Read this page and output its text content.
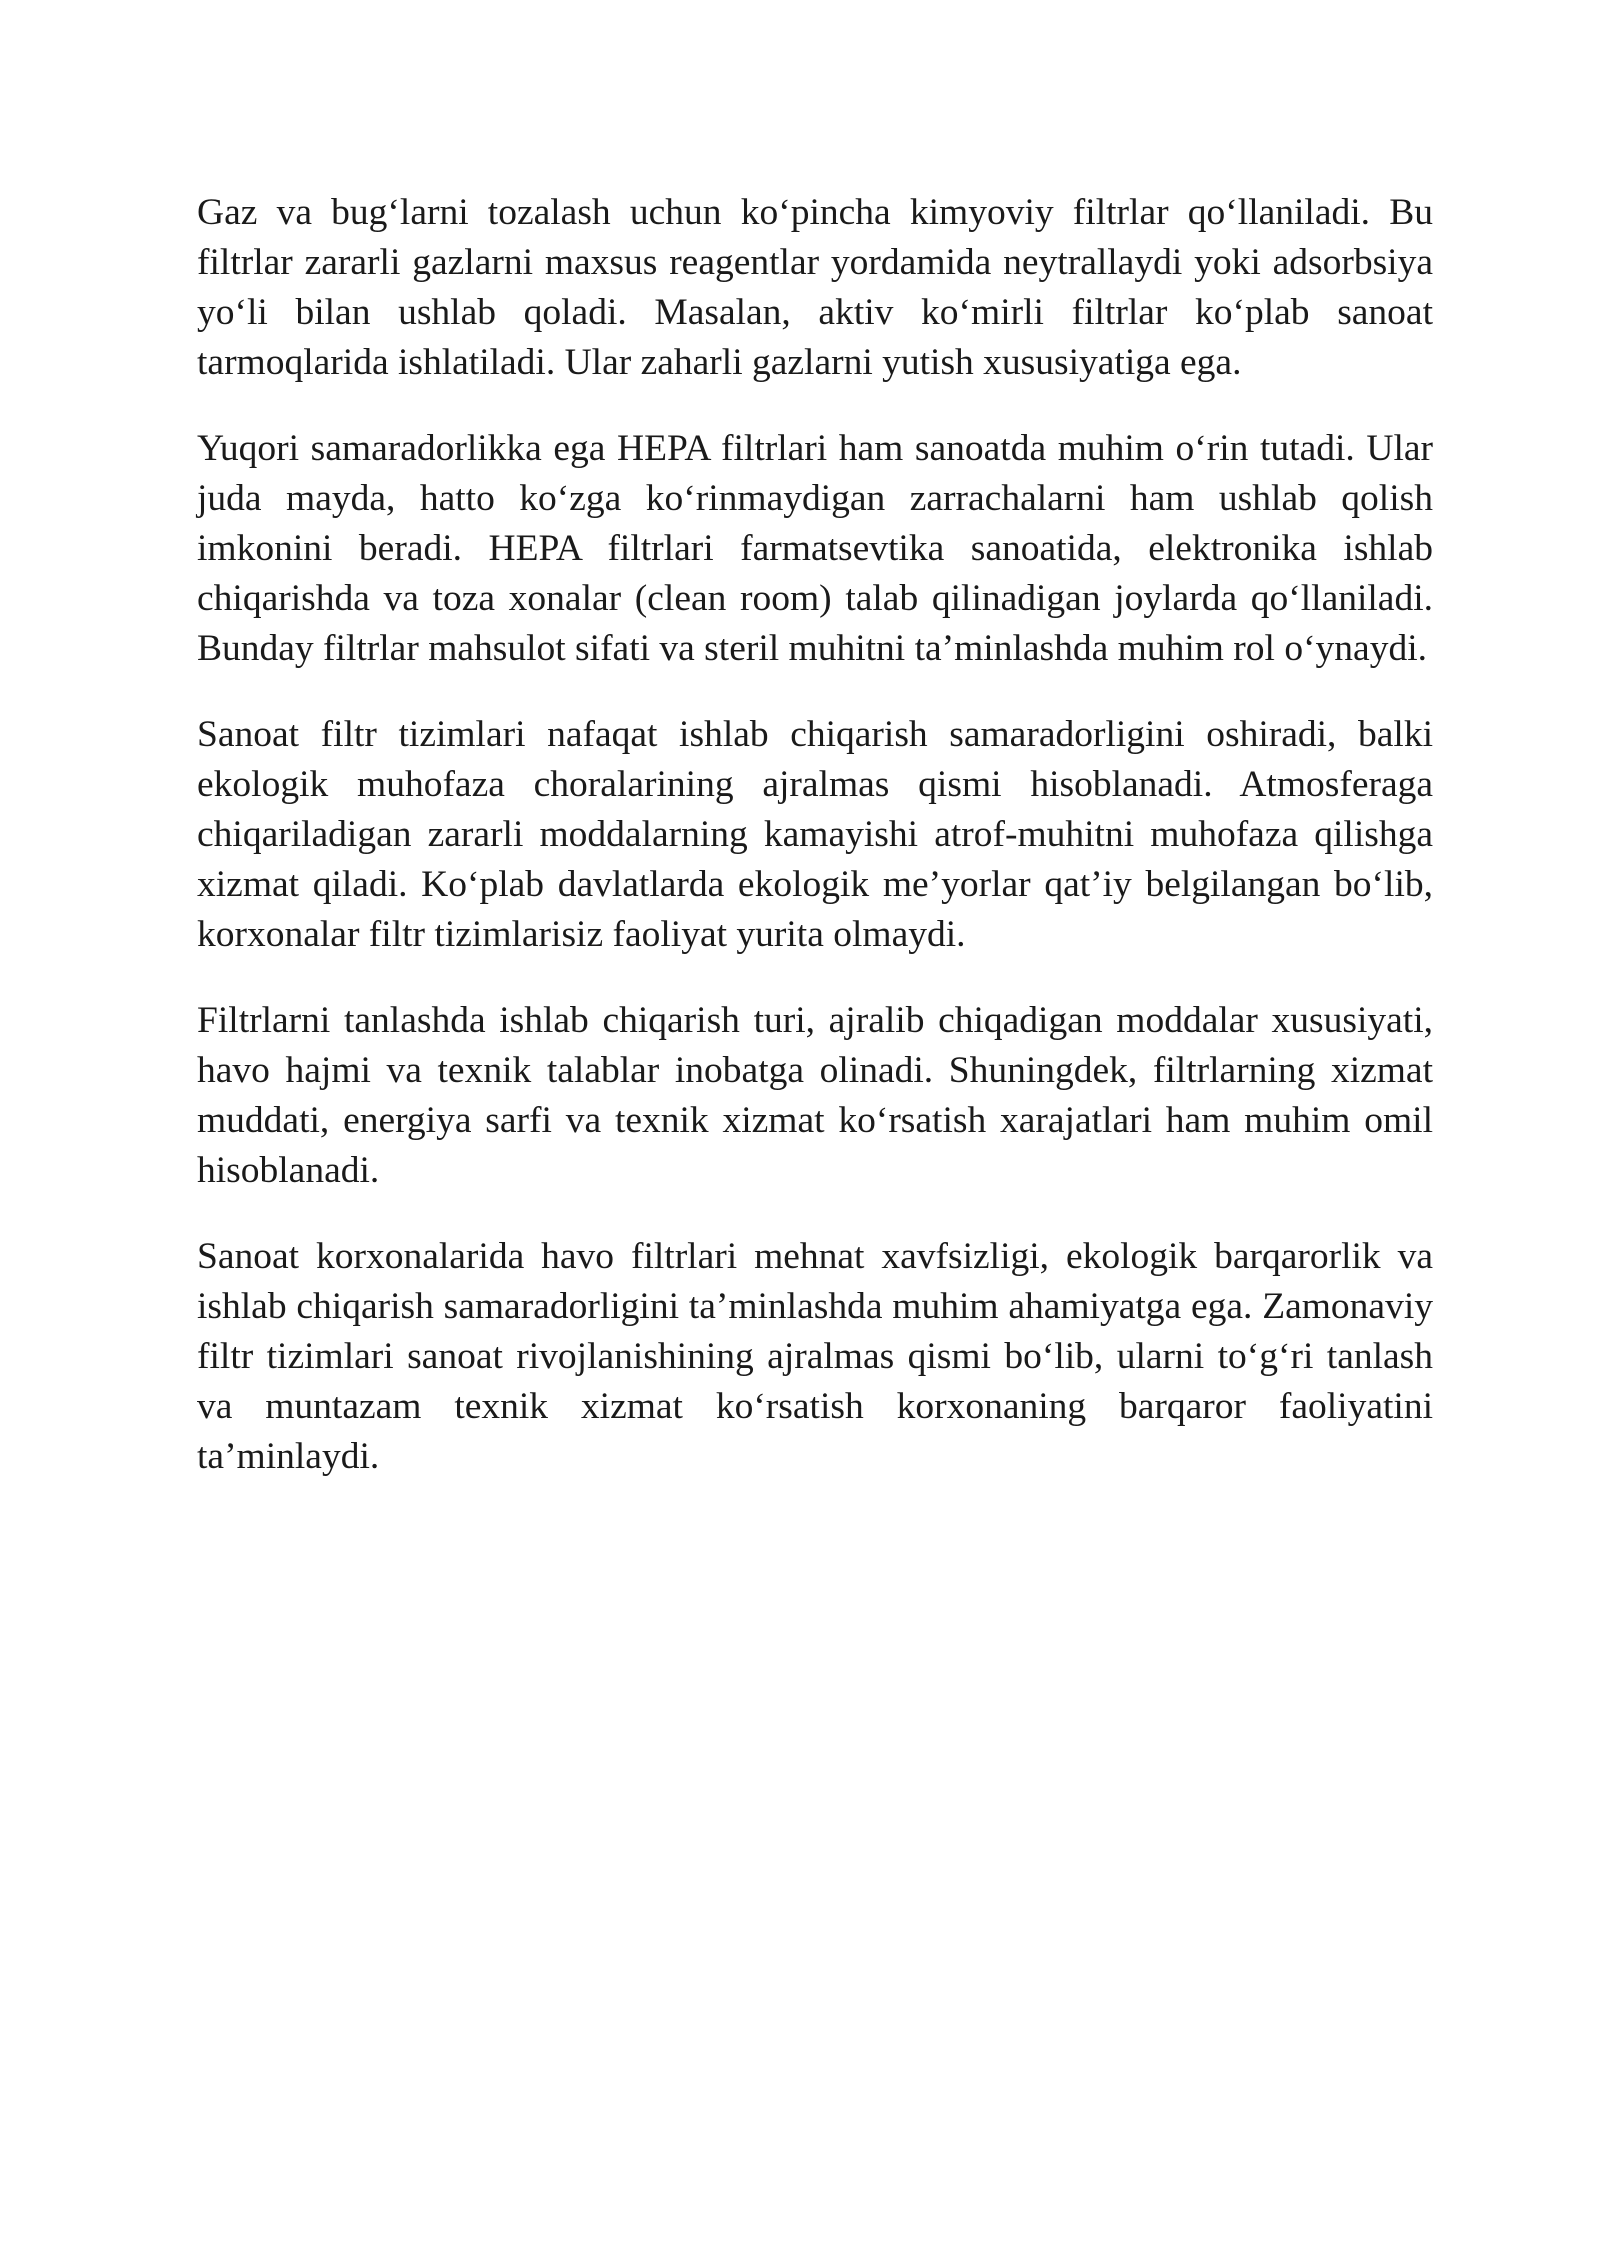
Gaz va bug‘larni tozalash uchun ko‘pincha kimyoviy filtrlar qo‘llaniladi. Bu filtrlar zararli gazlarni maxsus reagentlar yordamida neytrallaydi yoki adsorbsiya yo‘li bilan ushlab qoladi. Masalan, aktiv ko‘mirli filtrlar ko‘plab sanoat tarmoqlarida ishlatiladi. Ular zaharli gazlarni yutish xususiyatiga ega.

Yuqori samaradorlikka ega HEPA filtrlari ham sanoatda muhim o‘rin tutadi. Ular juda mayda, hatto ko‘zga ko‘rinmaydigan zarrachalarni ham ushlab qolish imkonini beradi. HEPA filtrlari farmatsevtika sanoatida, elektronika ishlab chiqarishda va toza xonalar (clean room) talab qilinadigan joylarda qo‘llaniladi. Bunday filtrlar mahsulot sifati va steril muhitni ta’minlashda muhim rol o‘ynaydi.

Sanoat filtr tizimlari nafaqat ishlab chiqarish samaradorligini oshiradi, balki ekologik muhofaza choralarining ajralmas qismi hisoblanadi. Atmosferaga chiqariladigan zararli moddalarning kamayishi atrof-muhitni muhofaza qilishga xizmat qiladi. Ko‘plab davlatlarda ekologik me’yorlar qat’iy belgilangan bo‘lib, korxonalar filtr tizimlarisiz faoliyat yurita olmaydi.

Filtrlarni tanlashda ishlab chiqarish turi, ajralib chiqadigan moddalar xususiyati, havo hajmi va texnik talablar inobatga olinadi. Shuningdek, filtrlarning xizmat muddati, energiya sarfi va texnik xizmat ko‘rsatish xarajatlari ham muhim omil hisoblanadi.

Sanoat korxonalarida havo filtrlari mehnat xavfsizligi, ekologik barqarorlik va ishlab chiqarish samaradorligini ta’minlashda muhim ahamiyatga ega. Zamonaviy filtr tizimlari sanoat rivojlanishining ajralmas qismi bo‘lib, ularni to‘g‘ri tanlash va muntazam texnik xizmat ko‘rsatish korxonaning barqaror faoliyatini ta’minlaydi.
